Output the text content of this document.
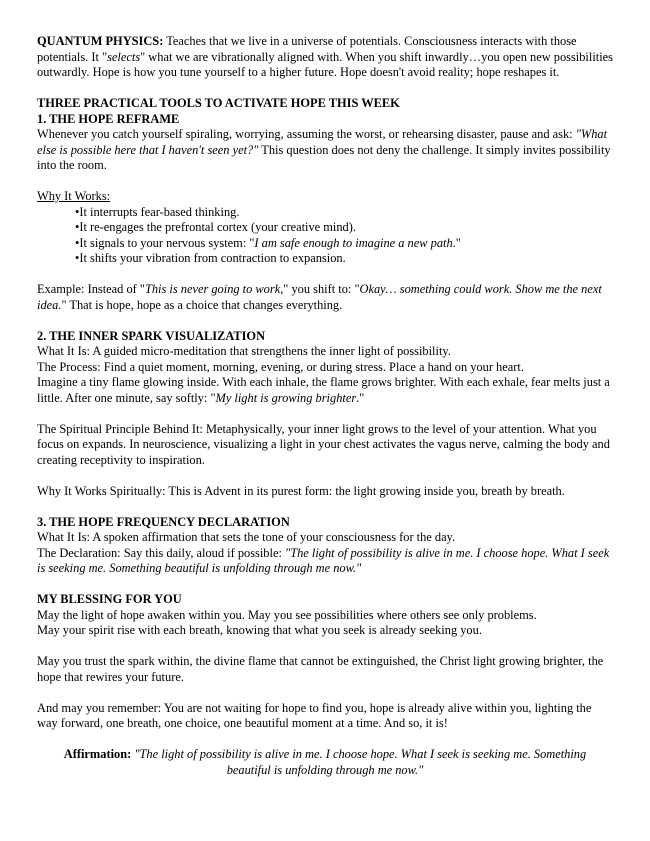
QUANTUM PHYSICS: Teaches that we live in a universe of potentials. Consciousness interacts with those potentials. It "selects" what we are vibrationally aligned with. When you shift inwardly…you open new possibilities outwardly. Hope is how you tune yourself to a higher future. Hope doesn't avoid reality; hope reshapes it.

THREE PRACTICAL TOOLS TO ACTIVATE HOPE THIS WEEK

1. THE HOPE REFRAME

Whenever you catch yourself spiraling, worrying, assuming the worst, or rehearsing disaster, pause and ask: "What else is possible here that I haven't seen yet?" This question does not deny the challenge. It simply invites possibility into the room.

Why It Works:

• It interrupts fear-based thinking.
• It re-engages the prefrontal cortex (your creative mind).
• It signals to your nervous system: "I am safe enough to imagine a new path."
• It shifts your vibration from contraction to expansion.

Example: Instead of "This is never going to work," you shift to: "Okay… something could work. Show me the next idea." That is hope, hope as a choice that changes everything.

2. THE INNER SPARK VISUALIZATION

What It Is: A guided micro-meditation that strengthens the inner light of possibility.

The Process: Find a quiet moment, morning, evening, or during stress. Place a hand on your heart.

Imagine a tiny flame glowing inside. With each inhale, the flame grows brighter. With each exhale, fear melts just a little. After one minute, say softly: "My light is growing brighter."

The Spiritual Principle Behind It: Metaphysically, your inner light grows to the level of your attention. What you focus on expands. In neuroscience, visualizing a light in your chest activates the vagus nerve, calming the body and creating receptivity to inspiration.

Why It Works Spiritually: This is Advent in its purest form: the light growing inside you, breath by breath.

3. THE HOPE FREQUENCY DECLARATION

What It Is: A spoken affirmation that sets the tone of your consciousness for the day.

The Declaration: Say this daily, aloud if possible: "The light of possibility is alive in me. I choose hope. What I seek is seeking me. Something beautiful is unfolding through me now."

MY BLESSING FOR YOU

May the light of hope awaken within you. May you see possibilities where others see only problems.

May your spirit rise with each breath, knowing that what you seek is already seeking you.

May you trust the spark within, the divine flame that cannot be extinguished, the Christ light growing brighter, the hope that rewires your future.

And may you remember: You are not waiting for hope to find you, hope is already alive within you, lighting the way forward, one breath, one choice, one beautiful moment at a time. And so, it is!

Affirmation: "The light of possibility is alive in me. I choose hope. What I seek is seeking me. Something beautiful is unfolding through me now."
